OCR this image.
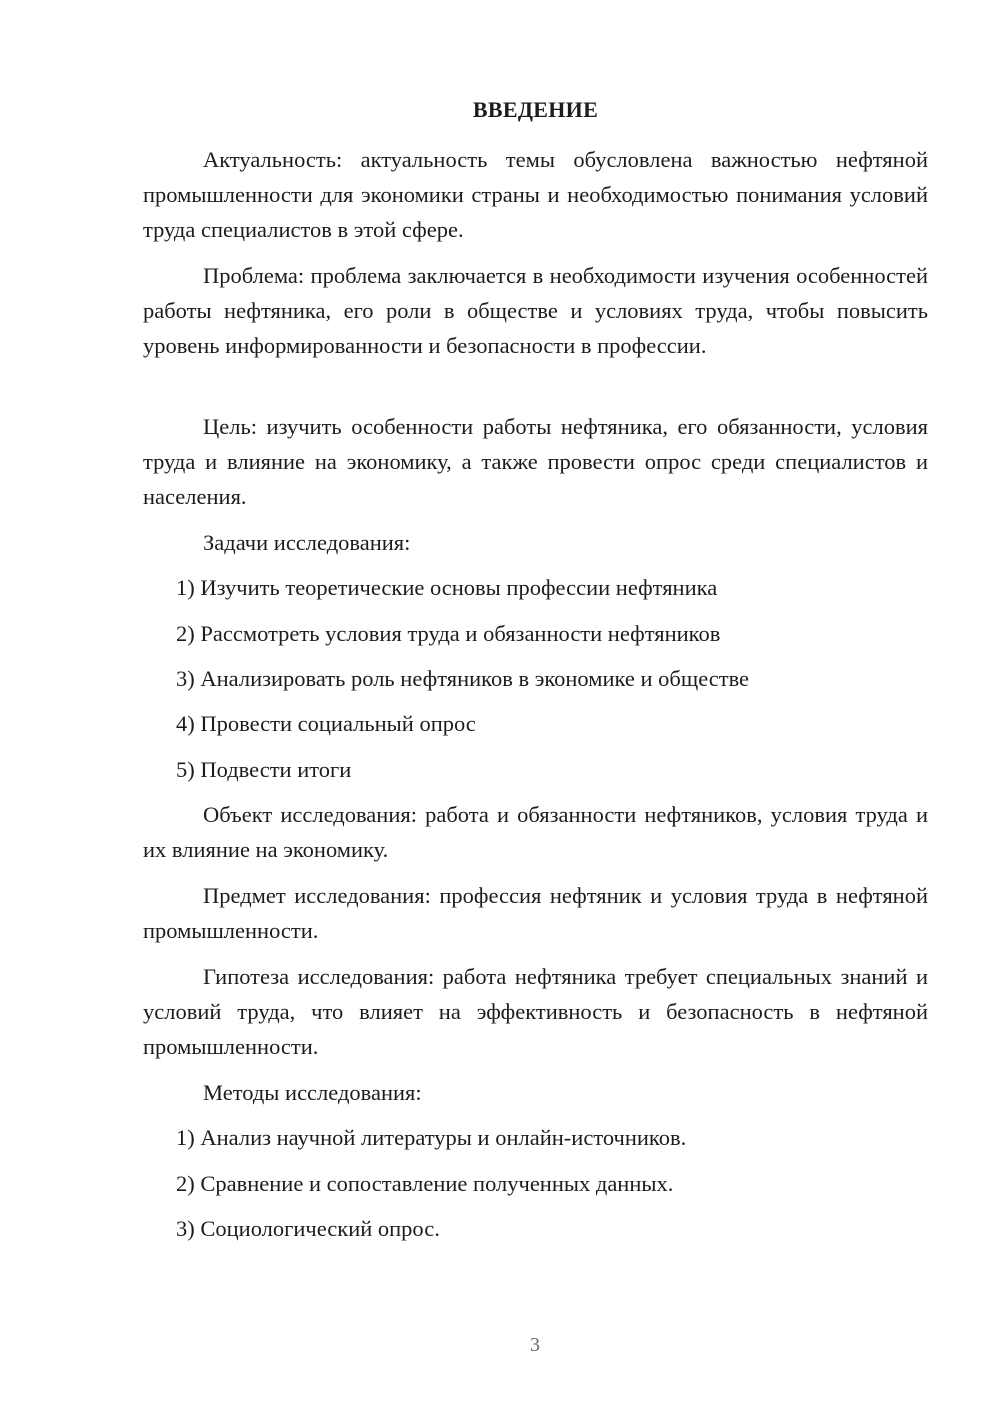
ВВЕДЕНИЕ

Актуальность: актуальность темы обусловлена важностью нефтяной промышленности для экономики страны и необходимостью понимания условий труда специалистов в этой сфере.

Проблема: проблема заключается в необходимости изучения особенностей работы нефтяника, его роли в обществе и условиях труда, чтобы повысить уровень информированности и безопасности в профессии.

Цель: изучить особенности работы нефтяника, его обязанности, условия труда и влияние на экономику, а также провести опрос среди специалистов и населения.

Задачи исследования:

1) Изучить теоретические основы профессии нефтяника
2) Рассмотреть условия труда и обязанности нефтяников
3) Анализировать роль нефтяников в экономике и обществе
4) Провести социальный опрос
5) Подвести итоги

Объект исследования: работа и обязанности нефтяников, условия труда и их влияние на экономику.

Предмет исследования: профессия нефтяник и условия труда в нефтяной промышленности.

Гипотеза исследования: работа нефтяника требует специальных знаний и условий труда, что влияет на эффективность и безопасность в нефтяной промышленности.

Методы исследования:

1) Анализ научной литературы и онлайн-источников.
2) Сравнение и сопоставление полученных данных.
3) Социологический опрос.
3
